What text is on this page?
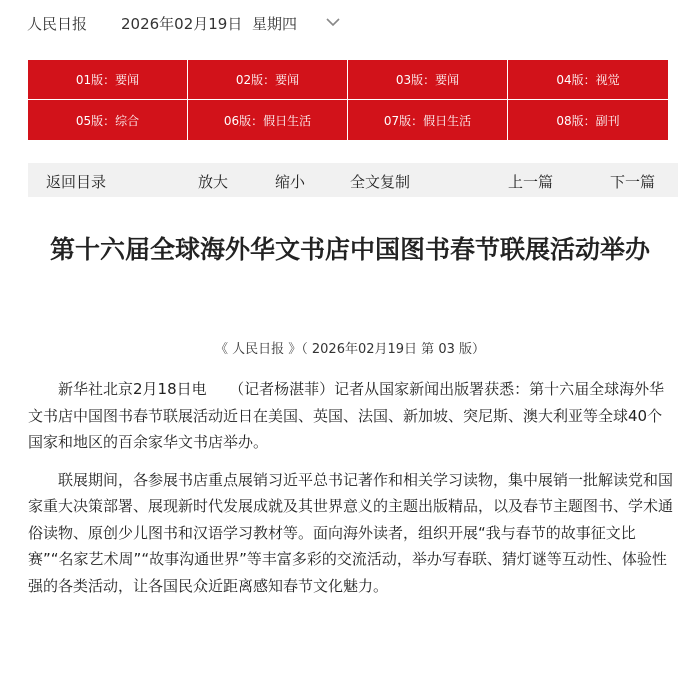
人民日报 2026年02月19日 星期四
01版：要闻	02版：要闻	03版：要闻	04版：视觉
05版：综合	06版：假日生活	07版：假日生活	08版：副刊
返回目录	放大	缩小	全文复制	上一篇	下一篇
第十六届全球海外华文书店中国图书春节联展活动举办
《 人民日报 》（ 2026年02月19日 第 03 版）

新华社北京2月18日电　　（记者杨湛菲）记者从国家新闻出版署获悉：第十六届全球海外华文书店中国图书春节联展活动近日在美国、英国、法国、新加坡、突尼斯、澳大利亚等全球40个国家和地区的百余家华文书店举办。

联展期间，各参展书店重点展销习近平总书记著作和相关学习读物，集中展销一批解读党和国家重大决策部署、展现新时代发展成就及其世界意义的主题出版精品，以及春节主题图书、学术通俗读物、原创少儿图书和汉语学习教材等。面向海外读者，组织开展“我与春节的故事征文比赛”“名家艺术周”“故事沟通世界”等丰富多彩的交流活动，举办写春联、猜灯谜等互动性、体验性强的各类活动，让各国民众近距离感知春节文化魅力。
